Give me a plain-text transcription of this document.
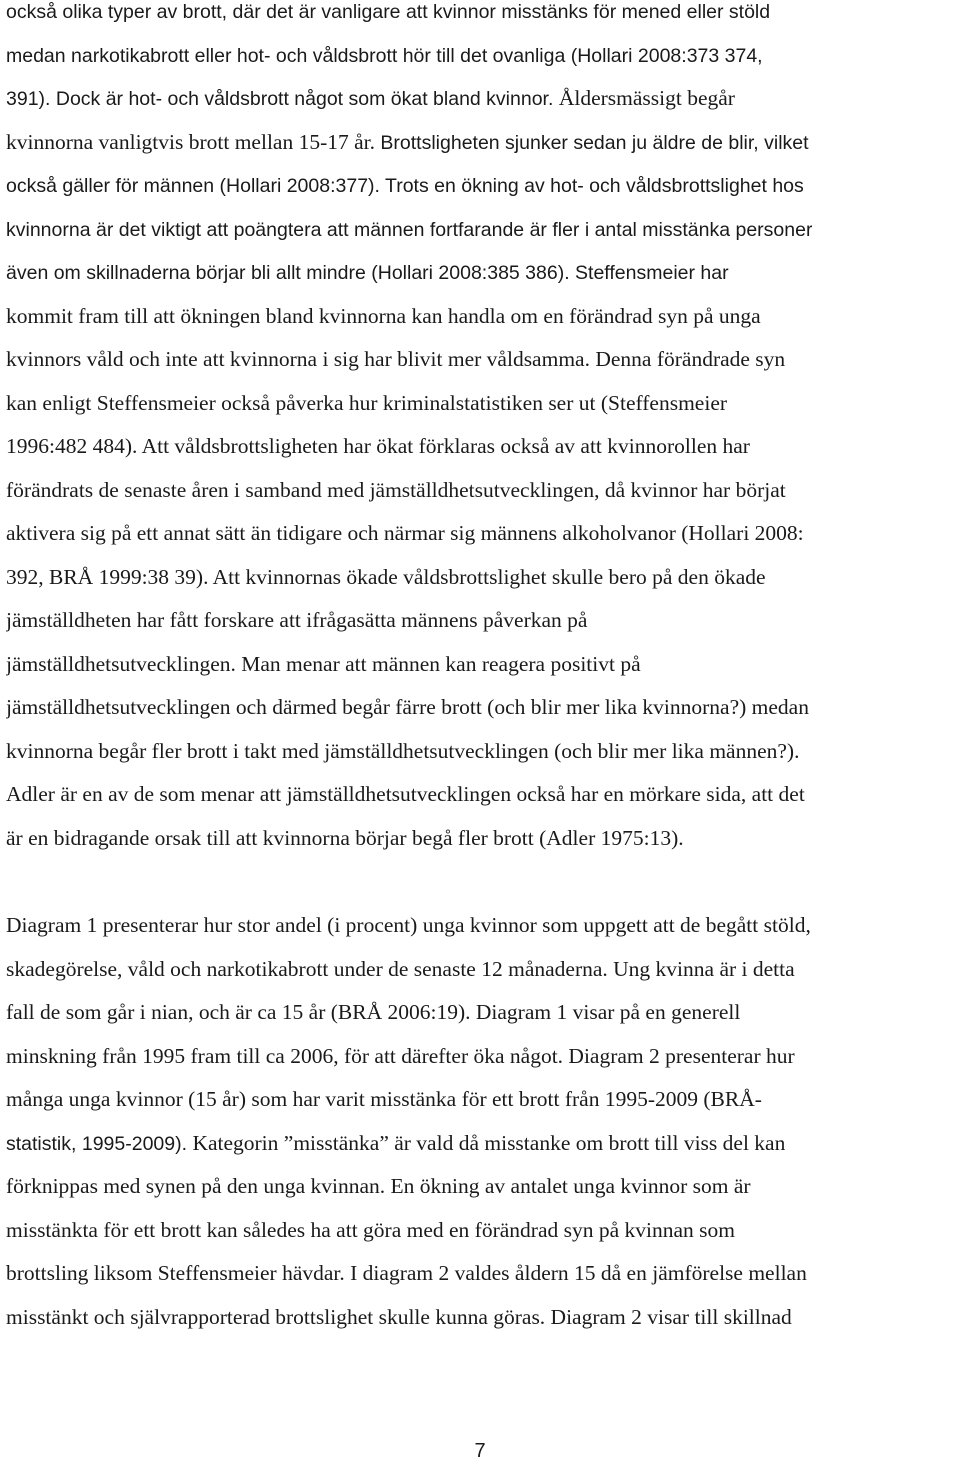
också olika typer av brott, där det är vanligare att kvinnor misstänks för mened eller stöld
medan narkotikabrott eller hot- och våldsbrott hör till det ovanliga (Hollari 2008:373 374,
391). Dock är hot- och våldsbrott något som ökat bland kvinnor. Åldersmässigt begår
kvinnorna vanligtvis brott mellan 15-17 år. Brottsligheten sjunker sedan ju äldre de blir, vilket
också gäller för männen (Hollari 2008:377). Trots en ökning av hot- och våldsbrottslighet hos
kvinnorna är det viktigt att poängtera att männen fortfarande är fler i antal misstänka personer
även om skillnaderna börjar bli allt mindre (Hollari 2008:385 386). Steffensmeier har
kommit fram till att ökningen bland kvinnorna kan handla om en förändrad syn på unga
kvinnors våld och inte att kvinnorna i sig har blivit mer våldsamma. Denna förändrade syn
kan enligt Steffensmeier också påverka hur kriminalstatistiken ser ut (Steffensmeier
1996:482 484). Att våldsbrottsligheten har ökat förklaras också av att kvinnorollen har
förändrats de senaste åren i samband med jämställdhetsutvecklingen, då kvinnor har börjat
aktivera sig på ett annat sätt än tidigare och närmar sig männens alkoholvanor (Hollari 2008:
392, BRÅ 1999:38 39). Att kvinnornas ökade våldsbrottslighet skulle bero på den ökade
jämställdheten har fått forskare att ifrågasätta männens påverkan på
jämställdhetsutvecklingen. Man menar att männen kan reagera positivt på
jämställdhetsutvecklingen och därmed begår färre brott (och blir mer lika kvinnorna?) medan
kvinnorna begår fler brott i takt med jämställdhetsutvecklingen (och blir mer lika männen?).
Adler är en av de som menar att jämställdhetsutvecklingen också har en mörkare sida, att det
är en bidragande orsak till att kvinnorna börjar begå fler brott (Adler 1975:13).
Diagram 1 presenterar hur stor andel (i procent) unga kvinnor som uppgett att de begått stöld,
skadegörelse, våld och narkotikabrott under de senaste 12 månaderna. Ung kvinna är i detta
fall de som går i nian, och är ca 15 år (BRÅ 2006:19). Diagram 1 visar på en generell
minskning från 1995 fram till ca 2006, för att därefter öka något. Diagram 2 presenterar hur
många unga kvinnor (15 år) som har varit misstänka för ett brott från 1995-2009 (BRÅ-
statistik, 1995-2009). Kategorin ”misstänka” är vald då misstanke om brott till viss del kan
förknippas med synen på den unga kvinnan. En ökning av antalet unga kvinnor som är
misstänkta för ett brott kan således ha att göra med en förändrad syn på kvinnan som
brottsling liksom Steffensmeier hävdar. I diagram 2 valdes åldern 15 då en jämförelse mellan
misstänkt och självrapporterad brottslighet skulle kunna göras. Diagram 2 visar till skillnad
7
